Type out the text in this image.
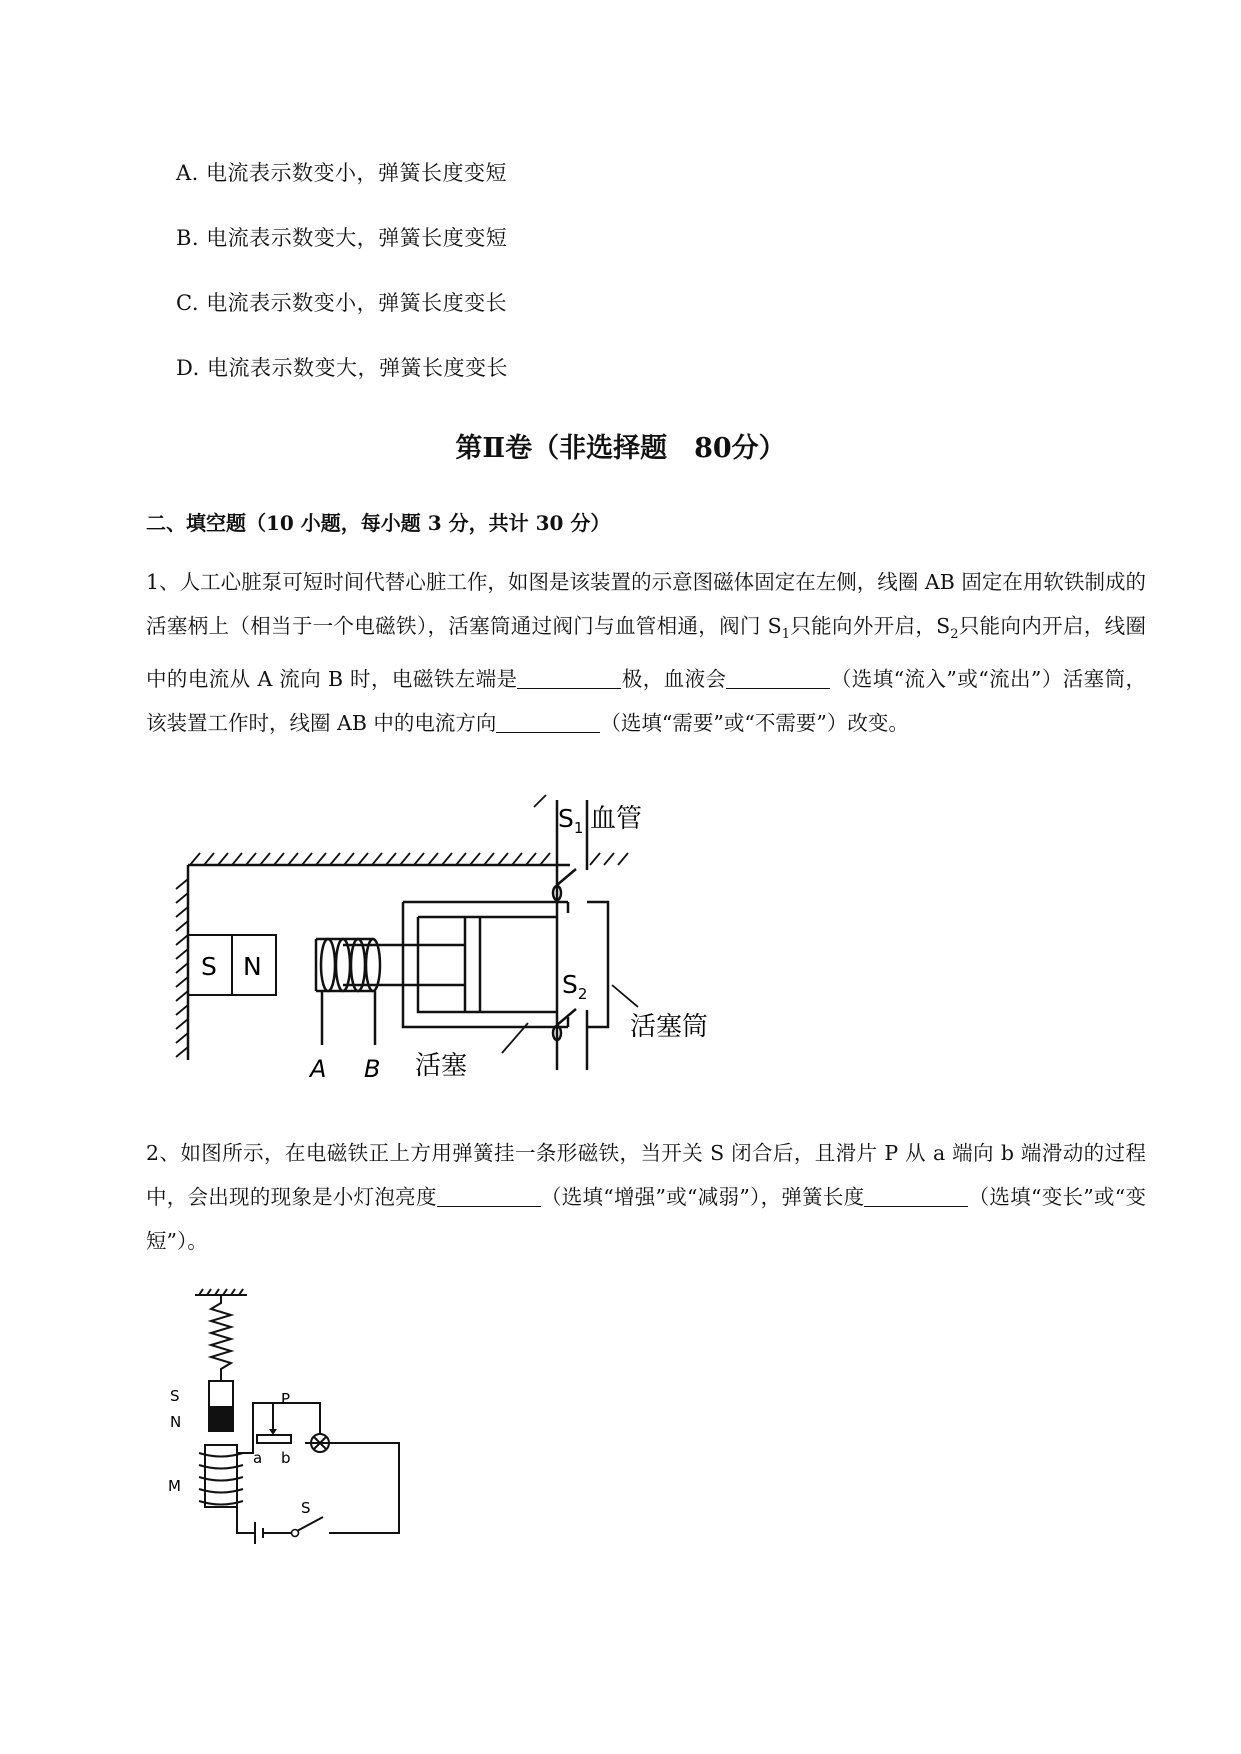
A. 电流表示数变小，弹簧长度变短
B. 电流表示数变大，弹簧长度变短
C. 电流表示数变小，弹簧长度变长
D. 电流表示数变大，弹簧长度变长
第Ⅱ卷（非选择题　80分）
二、填空题（10 小题，每小题 3 分，共计 30 分）
1、人工心脏泵可短时间代替心脏工作，如图是该装置的示意图磁体固定在左侧，线圈 AB 固定在用软铁制成的活塞柄上（相当于一个电磁铁），活塞筒通过阀门与血管相通，阀门 $S_1$只能向外开启，$S_2$只能向内开启，线圈中的电流从 A 流向 B 时，电磁铁左端是	极，血液会	（选填“流入”或“流出”）活塞筒，该装置工作时，线圈 AB 中的电流方向	（选填“需要”或“不需要”）改变。
S N
A B 活塞
$S_1$
$S_2$
血管
活塞筒
2、如图所示，在电磁铁正上方用弹簧挂一条形磁铁，当开关 S 闭合后，且滑片 P 从 a 端向 b 端滑动的过程中，会出现的现象是小灯泡亮度	（选填“增强”或“减弱”），弹簧长度	（选填“变长”或“变短”）。
S
N
M
P
a b
S
